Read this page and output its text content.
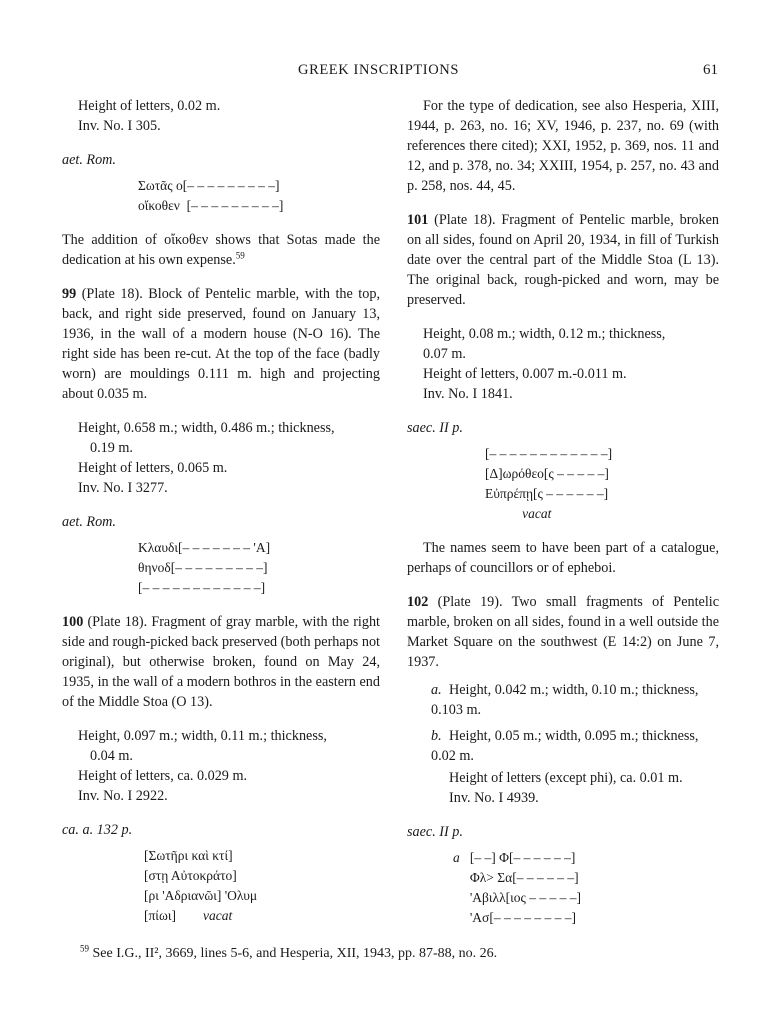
GREEK INSCRIPTIONS	61
Height of letters, 0.02 m.
Inv. No. I 305.
aet. Rom.
Σωτᾶς ο[– – – – – – – – –]
οἴκοθεν  [– – – – – – – – –]

The addition of οἴκοθεν shows that Sotas made the dedication at his own expense.$^{59}$

99 (Plate 18). Block of Pentelic marble, with the top, back, and right side preserved, found on January 13, 1936, in the wall of a modern house (N-O 16). The right side has been re-cut. At the top of the face (badly worn) are mouldings 0.111 m. high and projecting about 0.035 m.

Height, 0.658 m.; width, 0.486 m.; thickness,
0.19 m.
Height of letters, 0.065 m.
Inv. No. I 3277.
aet. Rom.
Κλαυδι[– – – – – – – 'Α]
θηνοδ[– – – – – – – – –]
[– – – – – – – – – – – –]

100 (Plate 18). Fragment of gray marble, with the right side and rough-picked back preserved (both perhaps not original), but otherwise broken, found on May 24, 1935, in the wall of a modern bothros in the eastern end of the Middle Stoa (O 13).

Height, 0.097 m.; width, 0.11 m.; thickness,
0.04 m.
Height of letters, ca. 0.029 m.
Inv. No. I 2922.
ca. a. 132 p.
[Σωτῆρι καὶ κτί]
[στῃ Αὐτοκράτο]
[ρι 'Αδριανῶι] 'Ολυμ
[πίωι] vacat

For the type of dedication, see also Hesperia, XIII, 1944, p. 263, no. 16; XV, 1946, p. 237, no. 69 (with references there cited); XXI, 1952, p. 369, nos. 11 and 12, and p. 378, no. 34; XXIII, 1954, p. 257, no. 43 and p. 258, nos. 44, 45.

101 (Plate 18). Fragment of Pentelic marble, broken on all sides, found on April 20, 1934, in fill of Turkish date over the central part of the Middle Stoa (L 13). The original back, rough-picked and worn, may be preserved.

Height, 0.08 m.; width, 0.12 m.; thickness,
0.07 m.
Height of letters, 0.007 m.-0.011 m.
Inv. No. I 1841.
saec. II p.
[– – – – – – – – – – – –]
[Δ]ωρόθεο[ς – – – – –]
Εὐπρέπῃ[ς – – – – – –]
vacat

The names seem to have been part of a catalogue, perhaps of councillors or of epheboi.

102 (Plate 19). Two small fragments of Pentelic marble, broken on all sides, found in a well outside the Market Square on the southwest (E 14:2) on June 7, 1937.

a. Height, 0.042 m.; width, 0.10 m.; thickness, 0.103 m.
b. Height, 0.05 m.; width, 0.095 m.; thickness, 0.02 m.
Height of letters (except phi), ca. 0.01 m.
Inv. No. I 4939.
saec. II p.
a [– –] Φ[– – – – – –]
Φλ> Σα[– – – – – –]
'Αβιλλ[ιος – – – – –]
'Ασ[– – – – – – – –]
$^{59}$ See I.G., II², 3669, lines 5-6, and Hesperia, XII, 1943, pp. 87-88, no. 26.
